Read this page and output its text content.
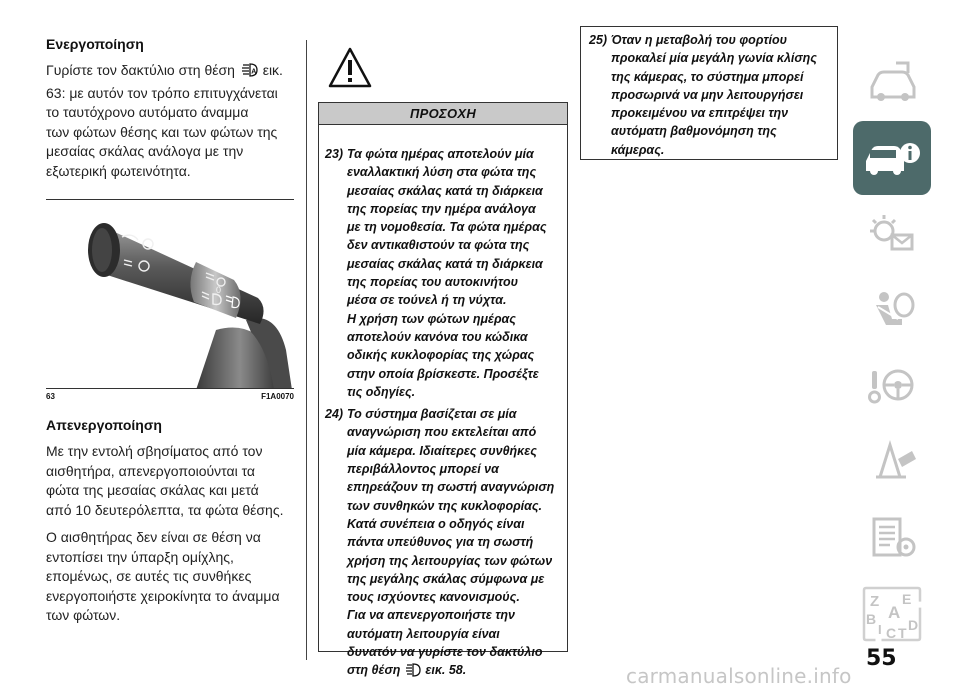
Ενεργοποίηση
Γυρίστε τον δακτύλιο στη θέση A εικ.
63: με αυτόν τον τρόπο επιτυγχάνεται
το ταυτόχρονο αυτόματο άναμμα
των φώτων θέσης και των φώτων της
μεσαίας σκάλας ανάλογα με την
εξωτερική φωτεινότητα.
0
63	F1A0070
Απενεργοποίηση
Με την εντολή σβησίματος από τον
αισθητήρα, απενεργοποιούνται τα
φώτα της μεσαίας σκάλας και μετά
από 10 δευτερόλεπτα, τα φώτα θέσης.
Ο αισθητήρας δεν είναι σε θέση να
εντοπίσει την ύπαρξη ομίχλης,
επομένως, σε αυτές τις συνθήκες
ενεργοποιήστε χειροκίνητα το άναμμα
των φώτων.
ΠΡΟΣΟΧΗ
23) Τα φώτα ημέρας αποτελούν μία
εναλλακτική λύση στα φώτα της
μεσαίας σκάλας κατά τη διάρκεια
της πορείας την ημέρα ανάλογα
με τη νομοθεσία. Τα φώτα ημέρας
δεν αντικαθιστούν τα φώτα της
μεσαίας σκάλας κατά τη διάρκεια
της πορείας του αυτοκινήτου
μέσα σε τούνελ ή τη νύχτα.
Η χρήση των φώτων ημέρας
αποτελούν κανόνα του κώδικα
οδικής κυκλοφορίας της χώρας
στην οποία βρίσκεστε. Προσέξτε
τις οδηγίες.
24) Το σύστημα βασίζεται σε μία
αναγνώριση που εκτελείται από
μία κάμερα. Ιδιαίτερες συνθήκες
περιβάλλοντος μπορεί να
επηρεάζουν τη σωστή αναγνώριση
των συνθηκών της κυκλοφορίας.
Κατά συνέπεια ο οδηγός είναι
πάντα υπεύθυνος για τη σωστή
χρήση της λειτουργίας των φώτων
της μεγάλης σκάλας σύμφωνα με
τους ισχύοντες κανονισμούς.
Για να απενεργοποιήστε την
αυτόματη λειτουργία είναι
δυνατόν να γυρίστε τον δακτύλιο
στη θέση εικ. 58.
25) Όταν η μεταβολή του φορτίου
προκαλεί μία μεγάλη γωνία κλίσης
της κάμερας, το σύστημα μπορεί
προσωρινά να μην λειτουργήσει
προκειμένου να επιτρέψει την
αυτόματη βαθμονόμηση της
κάμερας.
Z E
A
B
C T D
I
55
carmanualsonline.info
